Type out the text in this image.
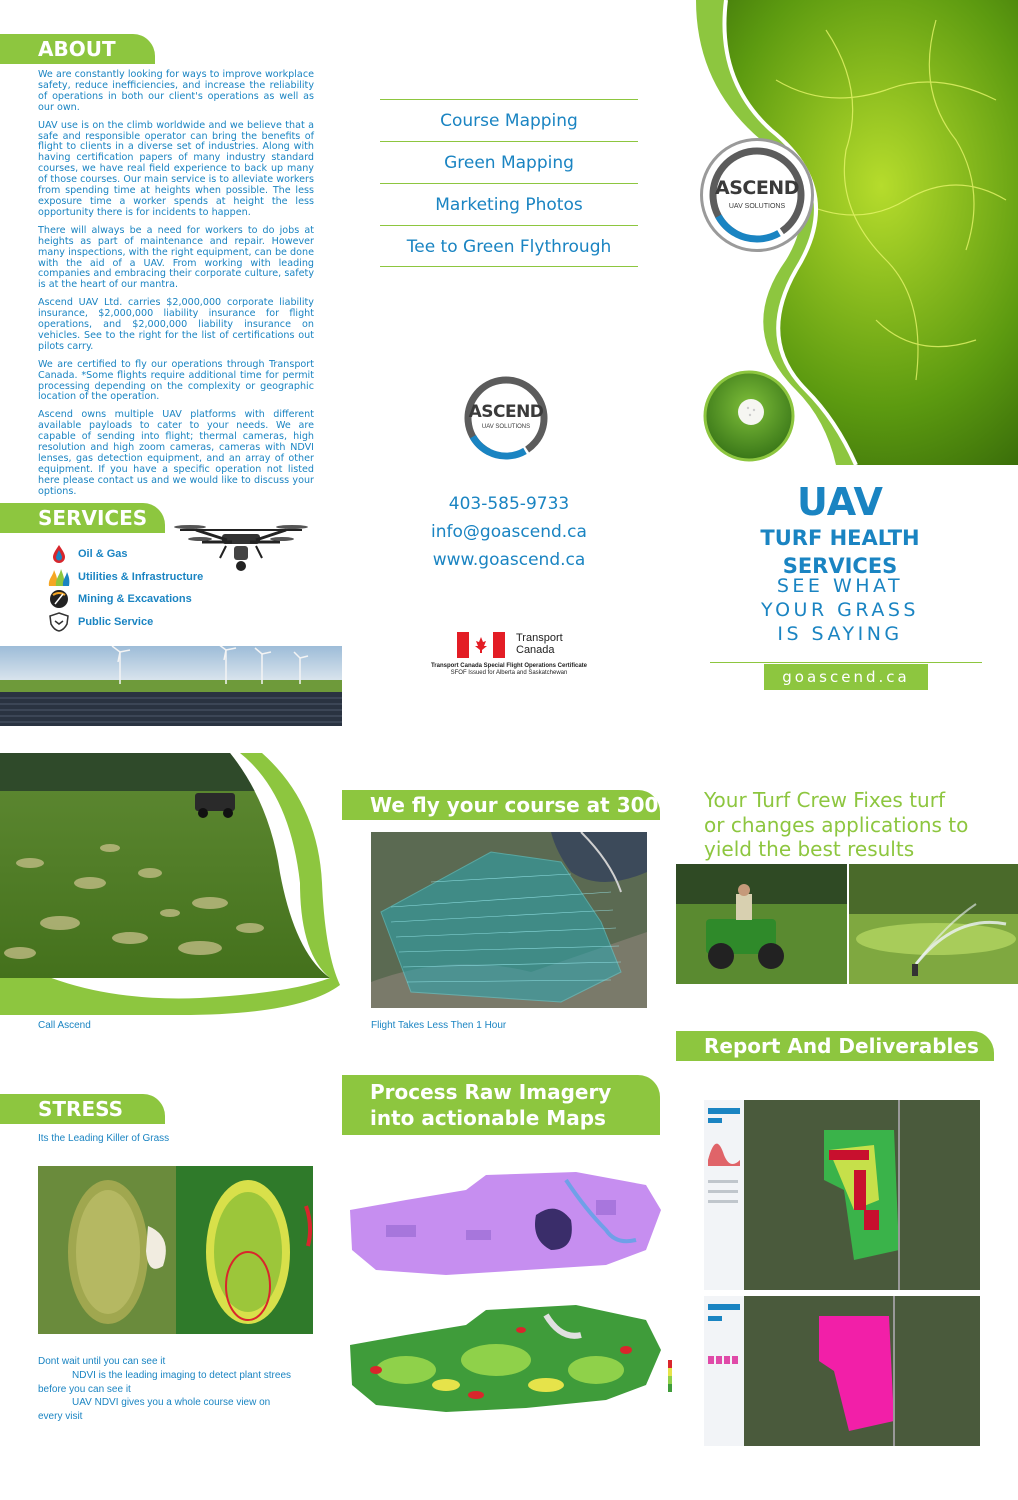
ABOUT

We are constantly looking for ways to improve workplace safety, reduce inefficiencies, and increase the reliability of operations in both our client's operations as well as our own.

UAV use is on the climb worldwide and we believe that a safe and responsible operator can bring the benefits of flight to clients in a diverse set of industries. Along with having certification papers of many industry standard courses, we have real field experience to back up many of those courses. Our main service is to alleviate workers from spending time at heights when possible. The less exposure time a worker spends at height the less opportunity there is for incidents to happen.

There will always be a need for workers to do jobs at heights as part of maintenance and repair. However many inspections, with the right equipment, can be done with the aid of a UAV. From working with leading companies and embracing their corporate culture, safety is at the heart of our mantra.

Ascend UAV Ltd. carries $2,000,000 corporate liability insurance, $2,000,000 liability insurance for flight operations, and $2,000,000 liability insurance on vehicles. See to the right for the list of certifications out pilots carry.

We are certified to fly our operations through Transport Canada. *Some flights require additional time for permit processing depending on the complexity or geographic location of the operation.

Ascend owns multiple UAV platforms with different available payloads to cater to your needs. We are capable of sending into flight; thermal cameras, high resolution and high zoom cameras, cameras with NDVI lenses, gas detection equipment, and an array of other equipment. If you have a specific operation not listed here please contact us and we would like to discuss your options.

SERVICES
Oil & Gas
Utilities & Infrastructure
Mining & Excavations
Public Service
Course Mapping
Green Mapping
Marketing Photos
Tee to Green Flythrough
ASCEND
UAV SOLUTIONS
403-585-9733
info@goascend.ca
www.goascend.ca
Transport
Canada
Transport Canada Special Flight Operations Certificate
SFOF Issued for Alberta and Saskatchewan
ASCEND
UAV SOLUTIONS
UAV
TURF HEALTH SERVICES
SEE WHAT
YOUR GRASS
IS SAYING
goascend.ca
Call Ascend
STRESS
Its the Leading Killer of Grass
Dont wait until you can see it
NDVI is the leading imaging to detect plant strees
before you can see it
UAV NDVI gives you a whole course view on
every visit
We fly your course at 300
Flight Takes Less Then 1 Hour
Process Raw Imagery
into actionable Maps
Your Turf Crew Fixes turf
or changes applications to
yield the best results
Report And Deliverables
